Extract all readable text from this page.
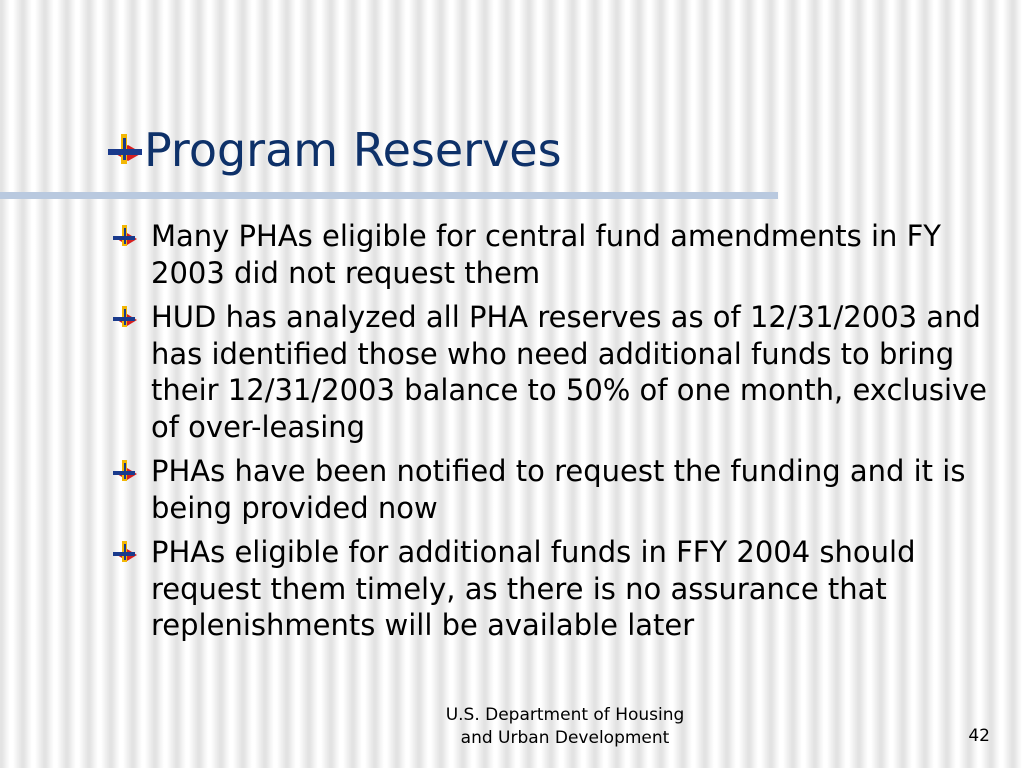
Program Reserves
Many PHAs eligible for central fund amendments in FY 2003 did not request them
HUD has analyzed all PHA reserves as of 12/31/2003 and has identified those who need additional funds to bring their 12/31/2003 balance to 50% of one month, exclusive of over-leasing
PHAs have been notified to request the funding and it is being provided now
PHAs eligible for additional funds in FFY 2004 should request them timely, as there is no assurance that replenishments will be available later
U.S. Department of Housing
and Urban Development	42
